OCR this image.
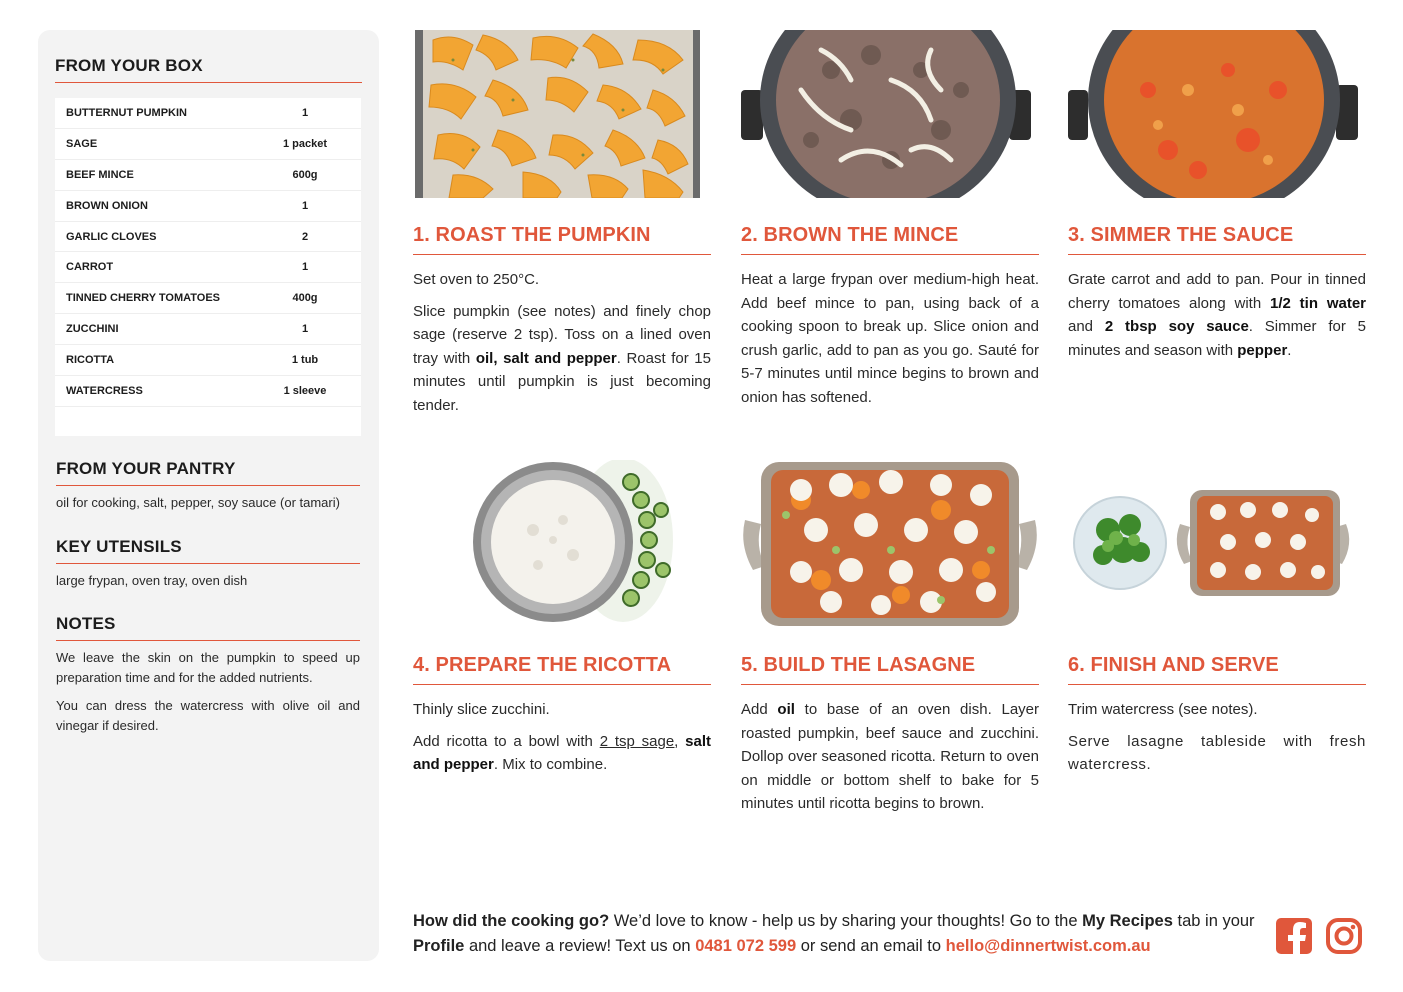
FROM YOUR BOX
BUTTERNUT PUMPKIN	1
SAGE	1 packet
BEEF MINCE	600g
BROWN ONION	1
GARLIC CLOVES	2
CARROT	1
TINNED CHERRY TOMATOES	400g
ZUCCHINI	1
RICOTTA	1 tub
WATERCRESS	1 sleeve
FROM YOUR PANTRY
oil for cooking, salt, pepper, soy sauce (or tamari)
KEY UTENSILS
large frypan, oven tray, oven dish
NOTES

We leave the skin on the pumpkin to speed up preparation time and for the added nutrients.

You can dress the watercress with olive oil and vinegar if desired.

1. ROAST THE PUMPKIN

Set oven to 250°C.

Slice pumpkin (see notes) and finely chop sage (reserve 2 tsp). Toss on a lined oven tray with oil, salt and pepper. Roast for 15 minutes until pumpkin is just becoming tender.

2. BROWN THE MINCE

Heat a large frypan over medium-high heat. Add beef mince to pan, using back of a cooking spoon to break up. Slice onion and crush garlic, add to pan as you go. Sauté for 5-7 minutes until mince begins to brown and onion has softened.

3. SIMMER THE SAUCE

Grate carrot and add to pan. Pour in tinned cherry tomatoes along with 1/2 tin water and 2 tbsp soy sauce. Simmer for 5 minutes and season with pepper.

4. PREPARE THE RICOTTA

Thinly slice zucchini.

Add ricotta to a bowl with 2 tsp sage, salt and pepper. Mix to combine.

5. BUILD THE LASAGNE

Add oil to base of an oven dish. Layer roasted pumpkin, beef sauce and zucchini. Dollop over seasoned ricotta. Return to oven on middle or bottom shelf to bake for 5 minutes until ricotta begins to brown.

6. FINISH AND SERVE

Trim watercress (see notes).

Serve lasagne tableside with fresh watercress.

How did the cooking go? We’d love to know - help us by sharing your thoughts! Go to the My Recipes tab in your Profile and leave a review! Text us on 0481 072 599 or send an email to hello@dinnertwist.com.au
